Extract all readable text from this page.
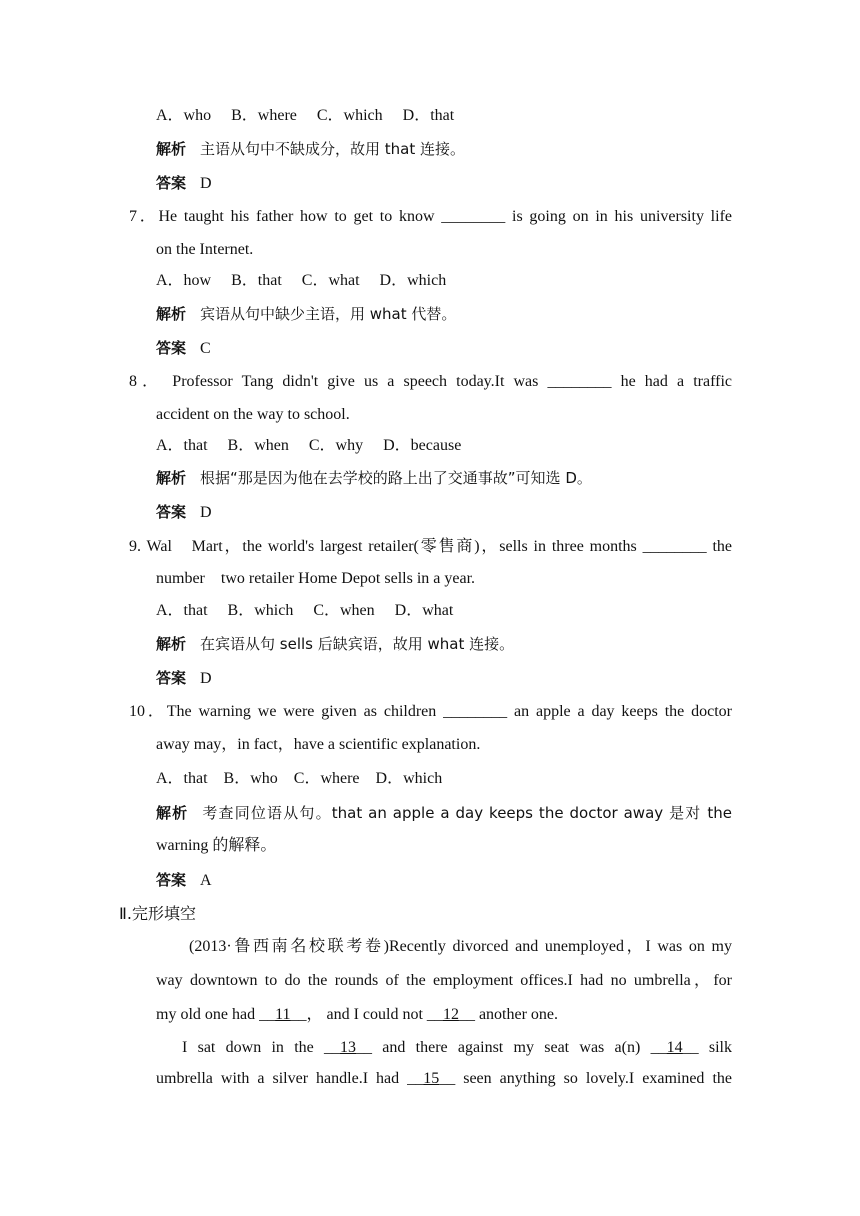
A．who　 B．where　 C．which　 D．that
解析 主语从句中不缺成分，故用 that 连接。
答案 D
7．He taught his father how to get to know ________ is going on in his university life
on the Internet.
A．how　 B．that　 C．what　 D．which
解析 宾语从句中缺少主语，用 what 代替。
答案 C
8． Professor Tang didn't give us a speech today.It was ________ he had a traffic
accident on the way to school.
A．that　 B．when　 C．why　 D．because
解析 根据“那是因为他在去学校的路上出了交通事故”可知选 D。
答案 D
9. Wal　Mart，the world's largest retailer(零售商)，sells in three months ________ the
number　two retailer Home Depot sells in a year.
A．that　 B．which　 C．when　 D．what
解析 在宾语从句 sells 后缺宾语，故用 what 连接。
答案 D
10．The warning we were given as children ________ an apple a day keeps the doctor
away may，in fact，have a scientific explanation.
A．that　B．who　C．where　D．which
解析 考查同位语从句。that an apple a day keeps the doctor away 是对 the
warning 的解释。
答案 A
Ⅱ.完形填空
(2013·鲁西南名校联考卷)Recently divorced and unemployed，I was on my
way downtown to do the rounds of the employment offices.I had no umbrella，for
my old one had __11__， and I could not __12__ another one.
I sat down in the __13__ and there against my seat was a(n) __14__ silk
umbrella with a silver handle.I had __15__ seen anything so lovely.I examined the
